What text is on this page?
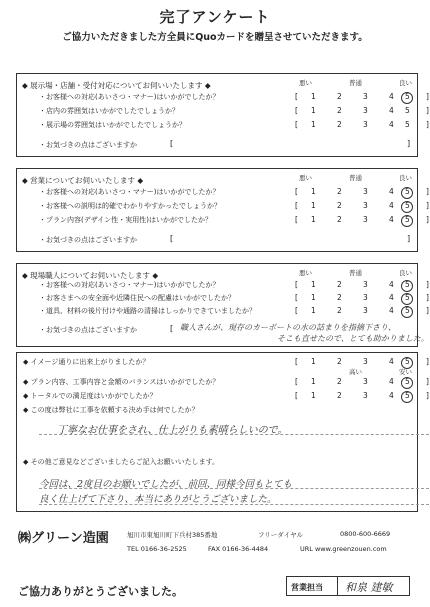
完了アンケート
ご協力いただきました方全員にQuoカードを贈呈させていただきます。
◆ 展示場・店舗・受付対応についてお伺いいたします ◆	悪い	普通	良い
・お客様への対応(あいさつ・マナー)はいかがでしたか？	[ 1	2	3	4 5 ]
・店内の雰囲気はいかがでしたでしょうか？	[ 1	2	3	4 5 ]
・展示場の雰囲気はいかがでしたでしょうか？	[ 1	2	3	4 5 ]
・お気づきの点はございますか	[	]
◆ 営業についてお伺いいたします ◆	悪い	普通	良い
・お客様への対応(あいさつ・マナー)はいかがでしたか？	[ 1	2	3	4 5 ]
・お客様への説明は的確でわかりやすかったでしょうか？	[ 1	2	3	4 5 ]
・プラン内容(デザイン性・実用性)はいかがでしたか？	[ 1	2	3	4 5 ]
・お気づきの点はございますか	[	]
◆ 現場職人についてお伺いいたします ◆	悪い	普通	良い
・お客様への対応(あいさつ・マナー)はいかがでしたか？	[ 1	2	3	4 5 ]
・お客さまへの安全面や近隣住民への配慮はいかがでしたか？	[ 1	2	3	4 5 ]
・道具、材料の後片付けや通路の清掃はしっかりできていましたか？	[ 1	2	3	4 5 ]
・お気づきの点はございますか	[ 職人さんが、現存のカーポートの水の詰まりを指摘下さり、
そこも直せたので、とても助かりました。
◆ イメージ通りに出来上がりましたか？	[ 1	2	3	4 5 ]
高い	安い
◆ プラン内容、工事内容と金額のバランスはいかがでしたか？	[ 1	2	3	4 5 ]
◆ トータルでの満足度はいかがでしたか？	[ 1	2	3	4 5 ]
◆ この度は弊社に工事を依頼する決め手は何でしたか？
丁寧なお仕事をされ、仕上がりも素晴らしいので。
◆ その他ご意見などございましたらご記入お願いいたします。
今回は、2度目のお願いでしたが、前回、同様今回もとても
良く仕上げて下さり、本当にありがとうございました。
㈱グリーン造園	旭川市東旭川町下兵村385番地	フリーダイヤル	0800-600-6669
TEL 0166-36-2525	FAX 0166-36-4484	URL www.greenzouen.com
ご協力ありがとうございました。	営業担当 和泉 建敏
